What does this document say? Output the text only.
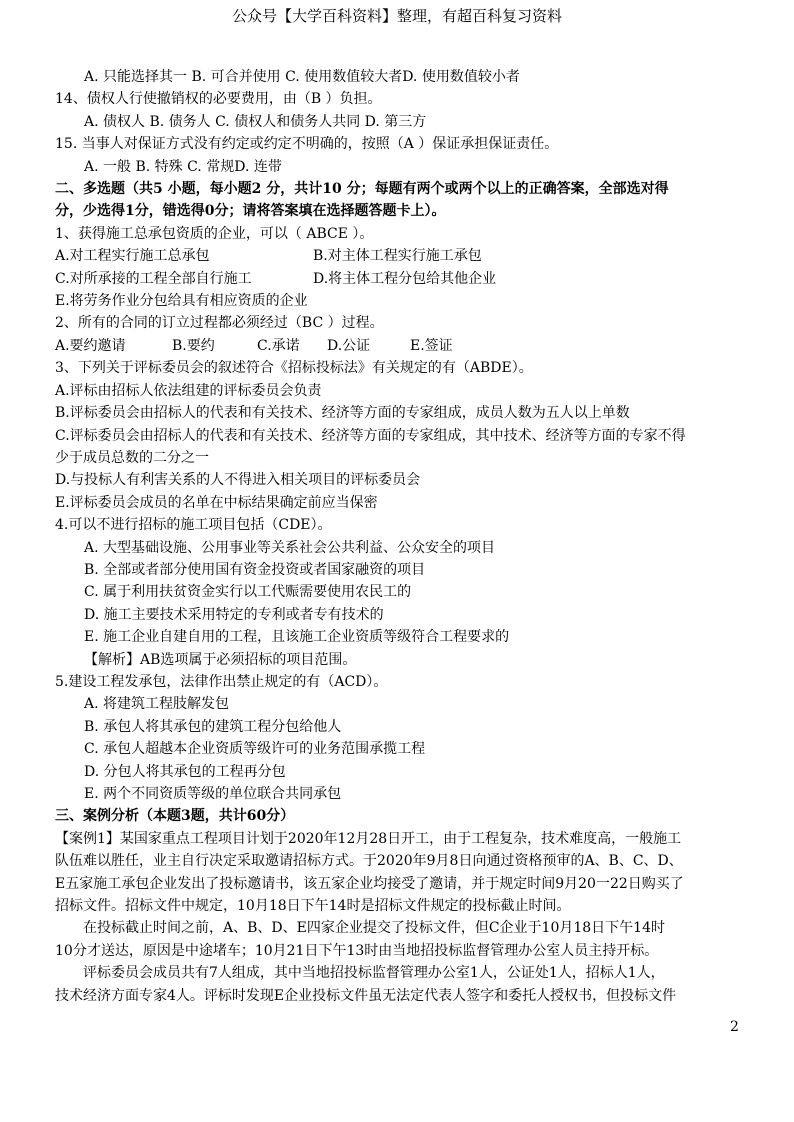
公众号【大学百科资料】整理，有超百科复习资料
A. 只能选择其一 B. 可合并使用 C. 使用数值较大者D. 使用数值较小者
14、债权人行使撤销权的必要费用，由（B ）负担。
A. 债权人 B. 债务人 C. 债权人和债务人共同 D. 第三方
15. 当事人对保证方式没有约定或约定不明确的，按照（A ）保证承担保证责任。
A. 一般 B. 特殊 C. 常规D. 连带
二、多选题（共5 小题，每小题2 分，共计10 分；每题有两个或两个以上的正确答案，全部选对得
分，少选得1分，错选得0分；请将答案填在选择题答题卡上）。
1、获得施工总承包资质的企业，可以（ ABCE ）。
A.对工程实行施工总承包	B.对主体工程实行施工承包
C.对所承接的工程全部自行施工	D.将主体工程分包给其他企业
E.将劳务作业分包给具有相应资质的企业
2、所有的合同的订立过程都必须经过（BC ）过程。
A.要约邀请	B.要约	C.承诺	D.公证	E.签证
3、下列关于评标委员会的叙述符合《招标投标法》有关规定的有（ABDE）。
A.评标由招标人依法组建的评标委员会负责
B.评标委员会由招标人的代表和有关技术、经济等方面的专家组成，成员人数为五人以上单数
C.评标委员会由招标人的代表和有关技术、经济等方面的专家组成，其中技术、经济等方面的专家不得
少于成员总数的二分之一
D.与投标人有利害关系的人不得进入相关项目的评标委员会
E.评标委员会成员的名单在中标结果确定前应当保密
4.可以不进行招标的施工项目包括（CDE）。
A. 大型基础设施、公用事业等关系社会公共利益、公众安全的项目
B. 全部或者部分使用国有资金投资或者国家融资的项目
C. 属于利用扶贫资金实行以工代赈需要使用农民工的
D. 施工主要技术采用特定的专利或者专有技术的
E. 施工企业自建自用的工程，且该施工企业资质等级符合工程要求的
【解析】AB选项属于必须招标的项目范围。
5.建设工程发承包，法律作出禁止规定的有（ACD）。
A. 将建筑工程肢解发包
B. 承包人将其承包的建筑工程分包给他人
C. 承包人超越本企业资质等级许可的业务范围承揽工程
D. 分包人将其承包的工程再分包
E. 两个不同资质等级的单位联合共同承包
三、案例分析（本题3题，共计60分）
【案例1】某国家重点工程项目计划于2020年12月28日开工，由于工程复杂，技术难度高，一般施工
队伍难以胜任，业主自行决定采取邀请招标方式。于2020年9月8日向通过资格预审的A、B、C、D、
E五家施工承包企业发出了投标邀请书，该五家企业均接受了邀请，并于规定时间9月20一22日购买了
招标文件。招标文件中规定，10月18日下午14时是招标文件规定的投标截止时间。
在投标截止时间之前，A、B、D、E四家企业提交了投标文件，但C企业于10月18日下午14时
10分才送达，原因是中途堵车；10月21日下午13时由当地招投标监督管理办公室人员主持开标。
评标委员会成员共有7人组成，其中当地招投标监督管理办公室1人，公证处1人，招标人1人，
技术经济方面专家4人。评标时发现E企业投标文件虽无法定代表人签字和委托人授权书，但投标文件
2
